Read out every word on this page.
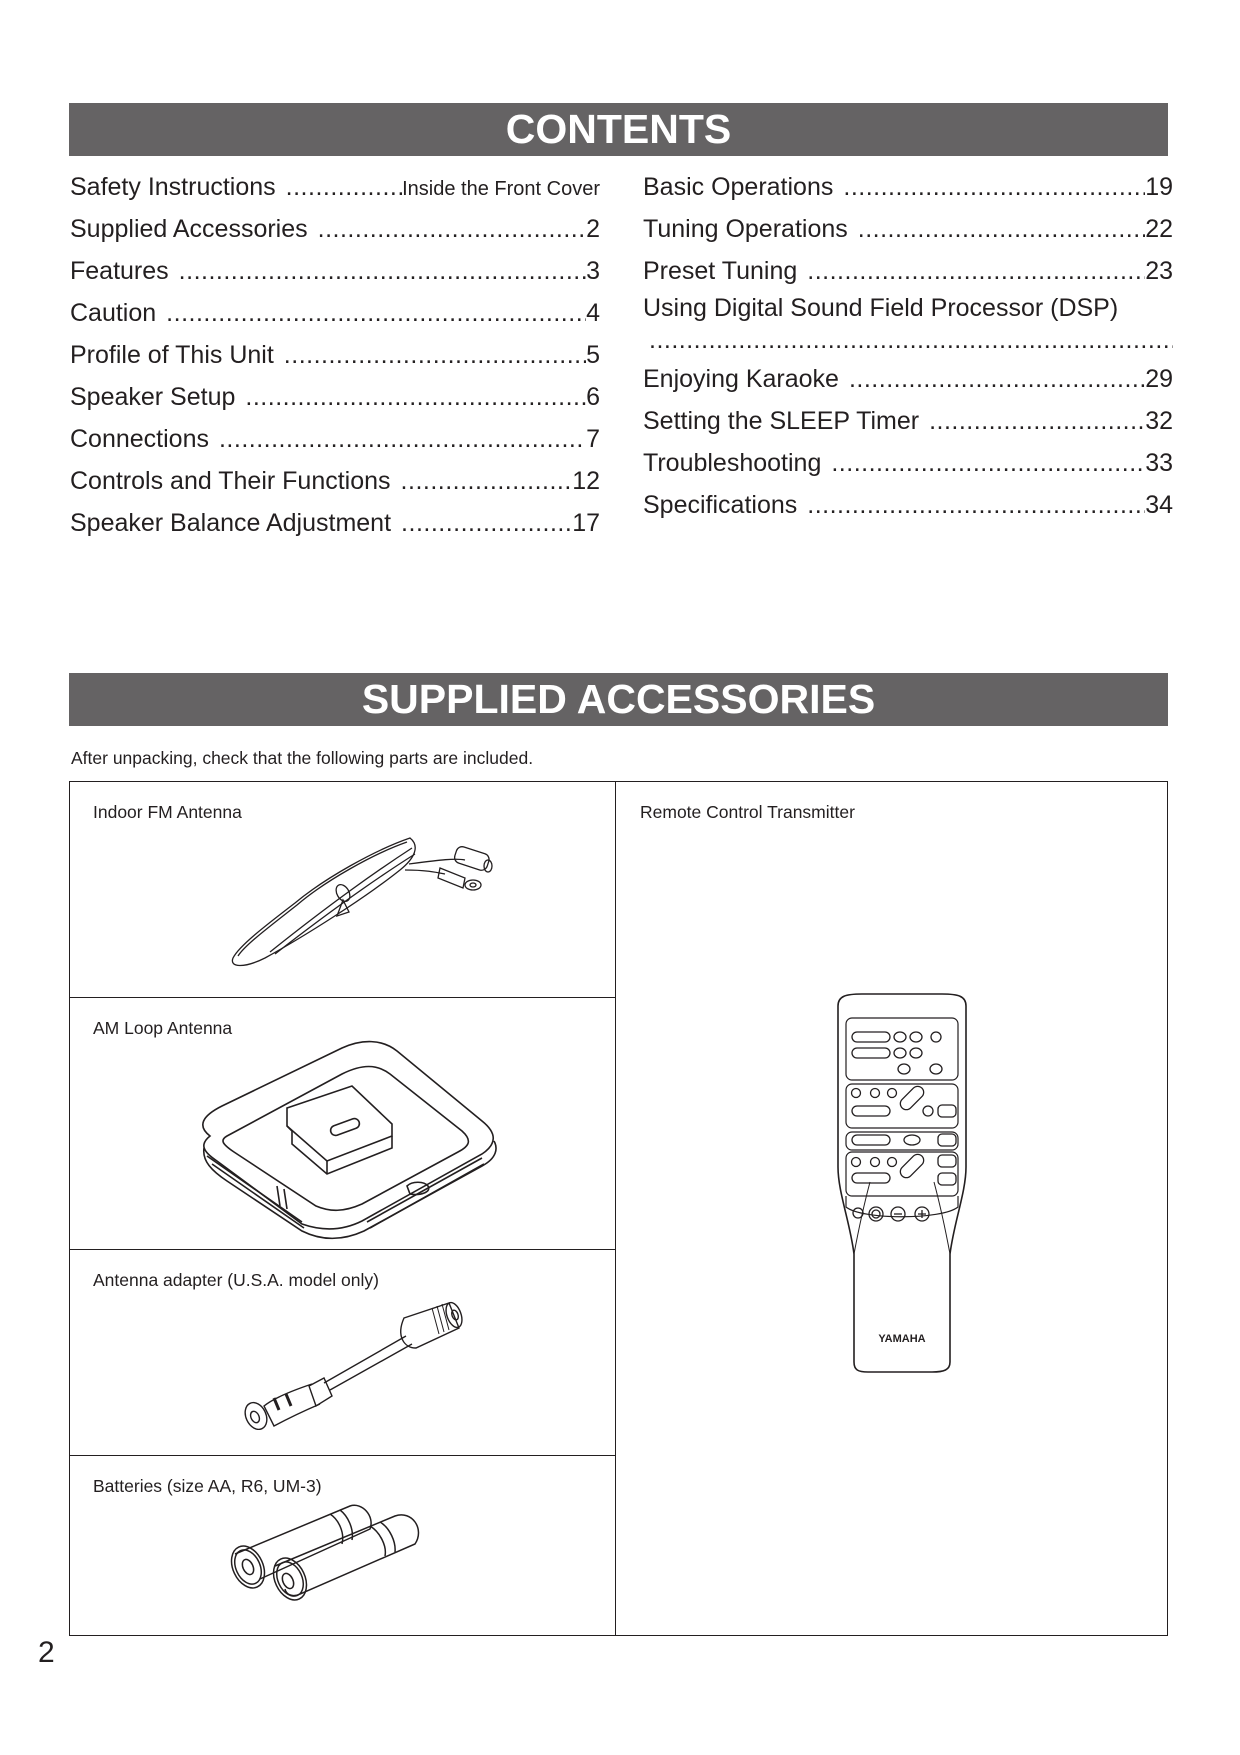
CONTENTS
Safety Instructions .....	Inside the Front Cover
Supplied Accessories .....	2
Features .....	3
Caution .....	4
Profile of This Unit .....	5
Speaker Setup .....	6
Connections .....	7
Controls and Their Functions .....	12
Speaker Balance Adjustment .....	17
Basic Operations .....	19
Tuning Operations .....	22
Preset Tuning .....	23
Using Digital Sound Field Processor (DSP)
.....
Enjoying Karaoke .....	29
Setting the SLEEP Timer .....	32
Troubleshooting .....	33
Specifications .....	34
SUPPLIED ACCESSORIES
After unpacking, check that the following parts are included.
Indoor FM Antenna
AM Loop Antenna
Antenna adapter (U.S.A. model only)
Batteries (size AA, R6, UM-3)
Remote Control Transmitter
YAMAHA
2
